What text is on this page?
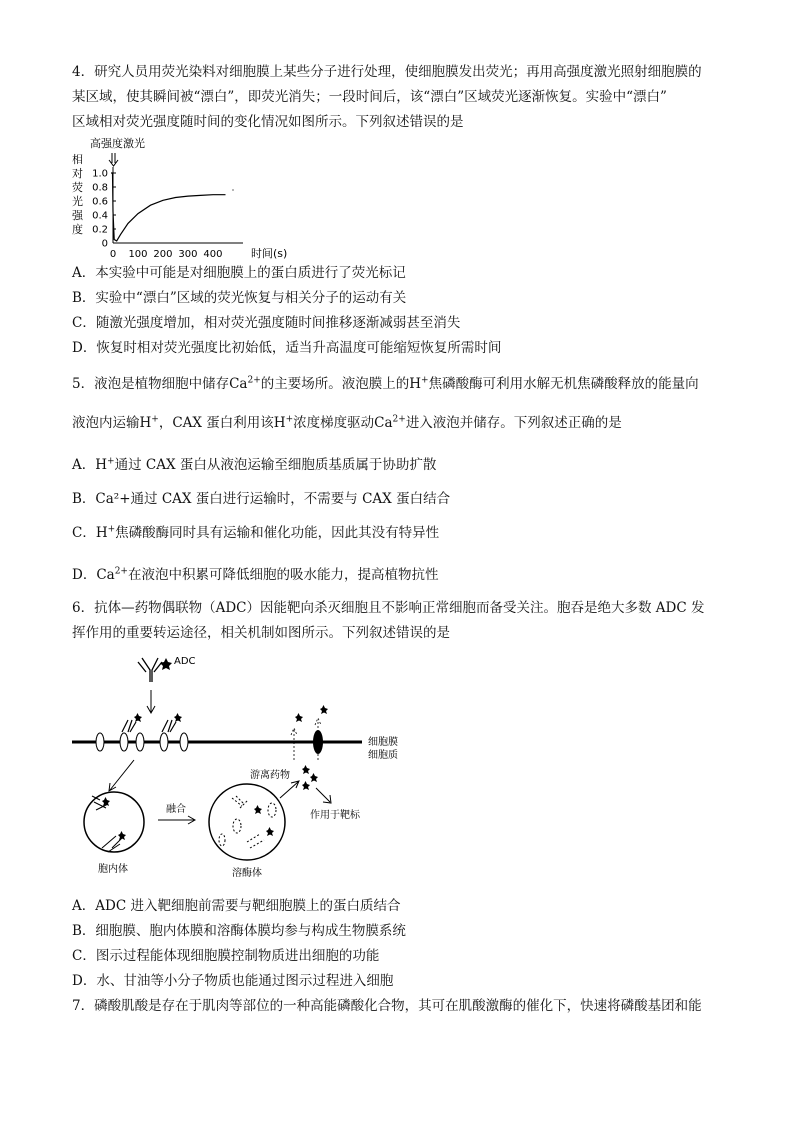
4．研究人员用荧光染料对细胞膜上某些分子进行处理，使细胞膜发出荧光；再用高强度激光照射细胞膜的
某区域，使其瞬间被“漂白”，即荧光消失；一段时间后，该“漂白”区域荧光逐渐恢复。实验中“漂白”
区域相对荧光强度随时间的变化情况如图所示。下列叙述错误的是
高强度激光
相
对
荧
光
强
度
1.0
0.8
0.6
0.4
0.2
0
0 100 200 300 400	时间(s)
A．本实验中可能是对细胞膜上的蛋白质进行了荧光标记
B．实验中“漂白”区域的荧光恢复与相关分子的运动有关
C．随激光强度增加，相对荧光强度随时间推移逐渐减弱甚至消失
D．恢复时相对荧光强度比初始低，适当升高温度可能缩短恢复所需时间
5．液泡是植物细胞中储存$Ca^{2+}$的主要场所。液泡膜上的H+焦磷酸酶可利用水解无机焦磷酸释放的能量向
液泡内运输H+，CAX 蛋白利用该H+浓度梯度驱动$Ca^{2+}$进入液泡并储存。下列叙述正确的是
A．H+通过 CAX 蛋白从液泡运输至细胞质基质属于协助扩散
B．Ca²+通过 CAX 蛋白进行运输时，不需要与 CAX 蛋白结合
C．H+焦磷酸酶同时具有运输和催化功能，因此其没有特异性
D．$Ca^{2+}$在液泡中积累可降低细胞的吸水能力，提高植物抗性
6．抗体—药物偶联物（ADC）因能靶向杀灭细胞且不影响正常细胞而备受关注。胞吞是绝大多数 ADC 发
挥作用的重要转运途径，相关机制如图所示。下列叙述错误的是
ADC
细胞膜
细胞质
胞内体
融合
溶酶体
游离药物
作用于靶标
A．ADC 进入靶细胞前需要与靶细胞膜上的蛋白质结合
B．细胞膜、胞内体膜和溶酶体膜均参与构成生物膜系统
C．图示过程能体现细胞膜控制物质进出细胞的功能
D．水、甘油等小分子物质也能通过图示过程进入细胞
7．磷酸肌酸是存在于肌肉等部位的一种高能磷酸化合物，其可在肌酸激酶的催化下，快速将磷酸基团和能
